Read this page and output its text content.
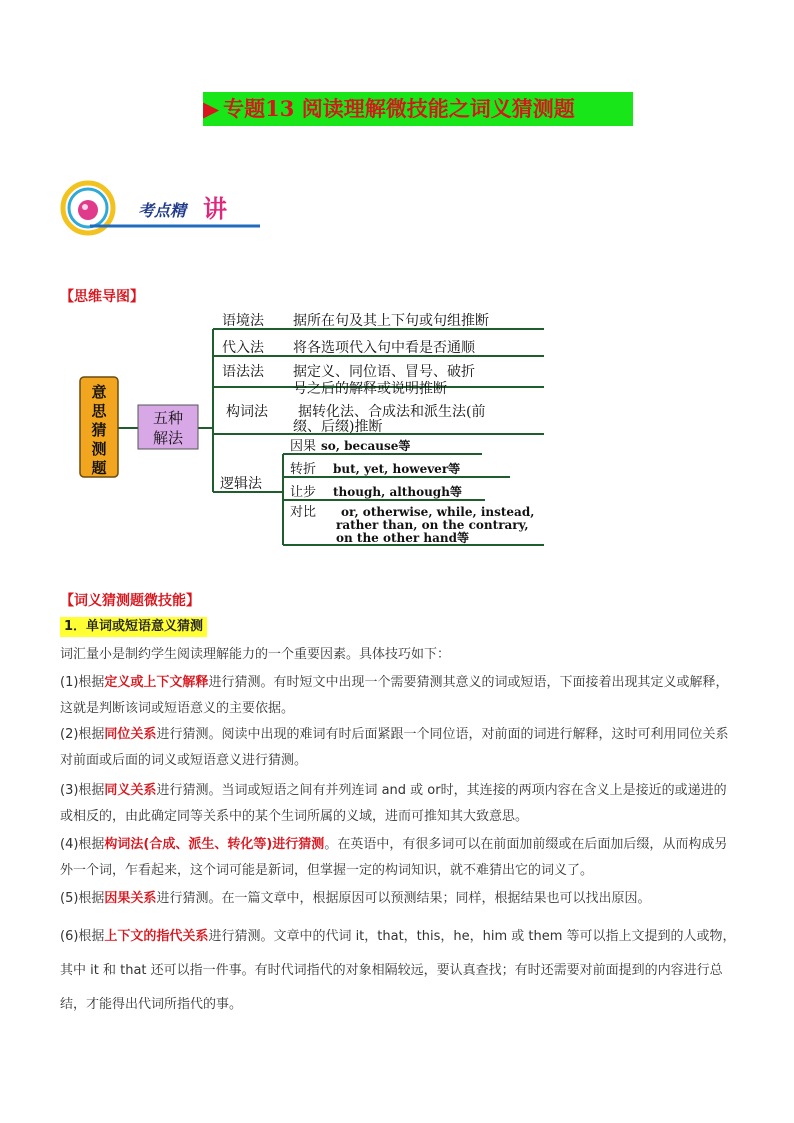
▶ 专题13 阅读理解微技能之词义猜测题
考点精 讲
【思维导图】
意
思
猜
测
题
五种
解法
语境法 据所在句及其上下句或句组推断
代入法 将各选项代入句中看是否通顺
语法法 据定义、同位语、冒号、破折
号之后的解释或说明推断
构词法 据转化法、合成法和派生法(前
缀、后缀)推断
逻辑法
因果
转折
让步
对比
so, because等
but, yet, however等
though, although等
or, otherwise, while, instead,
rather than, on the contrary,
on the other hand等
【词义猜测题微技能】
1．单词或短语意义猜测
词汇量小是制约学生阅读理解能力的一个重要因素。具体技巧如下：
(1)根据定义或上下文解释进行猜测。有时短文中出现一个需要猜测其意义的词或短语，下面接着出现其定义或解释，这就是判断该词或短语意义的主要依据。
(2)根据同位关系进行猜测。阅读中出现的难词有时后面紧跟一个同位语，对前面的词进行解释，这时可利用同位关系对前面或后面的词义或短语意义进行猜测。
(3)根据同义关系进行猜测。当词或短语之间有并列连词 and 或 or时，其连接的两项内容在含义上是接近的或递进的或相反的，由此确定同等关系中的某个生词所属的义域，进而可推知其大致意思。
(4)根据构词法(合成、派生、转化等)进行猜测。在英语中，有很多词可以在前面加前缀或在后面加后缀，从而构成另外一个词，乍看起来，这个词可能是新词，但掌握一定的构词知识，就不难猜出它的词义了。
(5)根据因果关系进行猜测。在一篇文章中，根据原因可以预测结果；同样，根据结果也可以找出原因。
(6)根据上下文的指代关系进行猜测。文章中的代词 it，that，this，he，him 或 them 等可以指上文提到的人或物，其中 it 和 that 还可以指一件事。有时代词指代的对象相隔较远，要认真查找；有时还需要对前面提到的内容进行总结，才能得出代词所指代的事。
